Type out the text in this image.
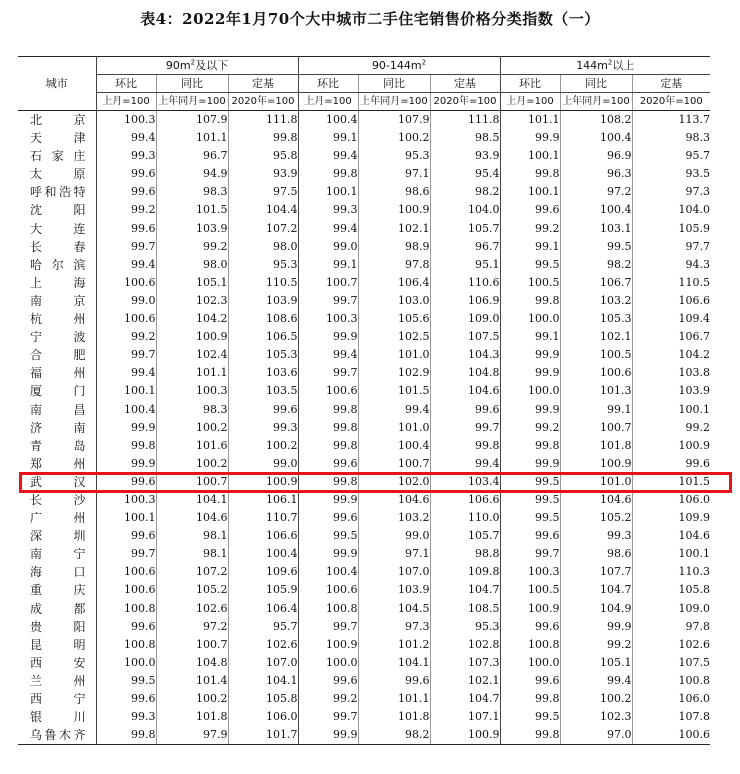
表4：2022年1月70个大中城市二手住宅销售价格分类指数（一）
城市	$90m^2$及以下			$90-144m^2$			$144m^2$以上		
	环比	同比	定基	环比	同比	定基	环比	同比	定基
	上月=100	上年同月=100	2020年=100	上月=100	上年同月=100	2020年=100	上月=100	上年同月=100	2020年=100
北京	100.3	107.9	111.8	100.4	107.9	111.8	101.1	108.2	113.7
天津	99.4	101.1	99.8	99.1	100.2	98.5	99.9	100.4	98.3
石家庄	99.3	96.7	95.8	99.4	95.3	93.9	100.1	96.9	95.7
太原	99.6	94.9	93.9	99.8	97.1	95.4	99.8	96.3	93.5
呼和浩特	99.6	98.3	97.5	100.1	98.6	98.2	100.1	97.2	97.3
沈阳	99.2	101.5	104.4	99.3	100.9	104.0	99.6	100.4	104.0
大连	99.6	103.9	107.2	99.4	102.1	105.7	99.2	103.1	105.9
长春	99.7	99.2	98.0	99.0	98.9	96.7	99.1	99.5	97.7
哈尔滨	99.4	98.0	95.3	99.1	97.8	95.1	99.5	98.2	94.3
上海	100.6	105.1	110.5	100.7	106.4	110.6	100.5	106.7	110.5
南京	99.0	102.3	103.9	99.7	103.0	106.9	99.8	103.2	106.6
杭州	100.6	104.2	108.6	100.3	105.6	109.0	100.0	105.3	109.4
宁波	99.2	100.9	106.5	99.9	102.5	107.5	99.1	102.1	106.7
合肥	99.7	102.4	105.3	99.4	101.0	104.3	99.9	100.5	104.2
福州	99.4	101.1	103.6	99.7	102.9	104.8	99.9	100.6	103.8
厦门	100.1	100.3	103.5	100.6	101.5	104.6	100.0	101.3	103.9
南昌	100.4	98.3	99.6	99.8	99.4	99.6	99.9	99.1	100.1
济南	99.9	100.2	99.3	99.8	101.0	99.7	99.2	100.7	99.2
青岛	99.8	101.6	100.2	99.8	100.4	99.8	99.8	101.8	100.9
郑州	99.9	100.2	99.0	99.6	100.7	99.4	99.9	100.9	99.6
武汉	99.6	100.7	100.9	99.8	102.0	103.4	99.5	101.0	101.5
长沙	100.3	104.1	106.1	99.9	104.6	106.6	99.5	104.6	106.0
广州	100.1	104.6	110.7	99.6	103.2	110.0	99.5	105.2	109.9
深圳	99.6	98.1	106.6	99.5	99.0	105.7	99.6	99.3	104.6
南宁	99.7	98.1	100.4	99.9	97.1	98.8	99.7	98.6	100.1
海口	100.6	107.2	109.6	100.4	107.0	109.8	100.3	107.7	110.3
重庆	100.6	105.2	105.9	100.6	103.9	104.7	100.5	104.7	105.8
成都	100.8	102.6	106.4	100.8	104.5	108.5	100.9	104.9	109.0
贵阳	99.6	97.2	95.7	99.7	97.3	95.3	99.6	99.9	97.8
昆明	100.8	100.7	102.6	100.9	101.2	102.8	100.8	99.2	102.6
西安	100.0	104.8	107.0	100.0	104.1	107.3	100.0	105.1	107.5
兰州	99.5	101.4	104.1	99.6	99.6	102.1	99.6	99.4	100.8
西宁	99.6	100.2	105.8	99.2	101.1	104.7	99.8	100.2	106.0
银川	99.3	101.8	106.0	99.7	101.8	107.1	99.5	102.3	107.8
乌鲁木齐	99.8	97.9	101.7	99.9	98.2	100.9	99.8	97.0	100.6
